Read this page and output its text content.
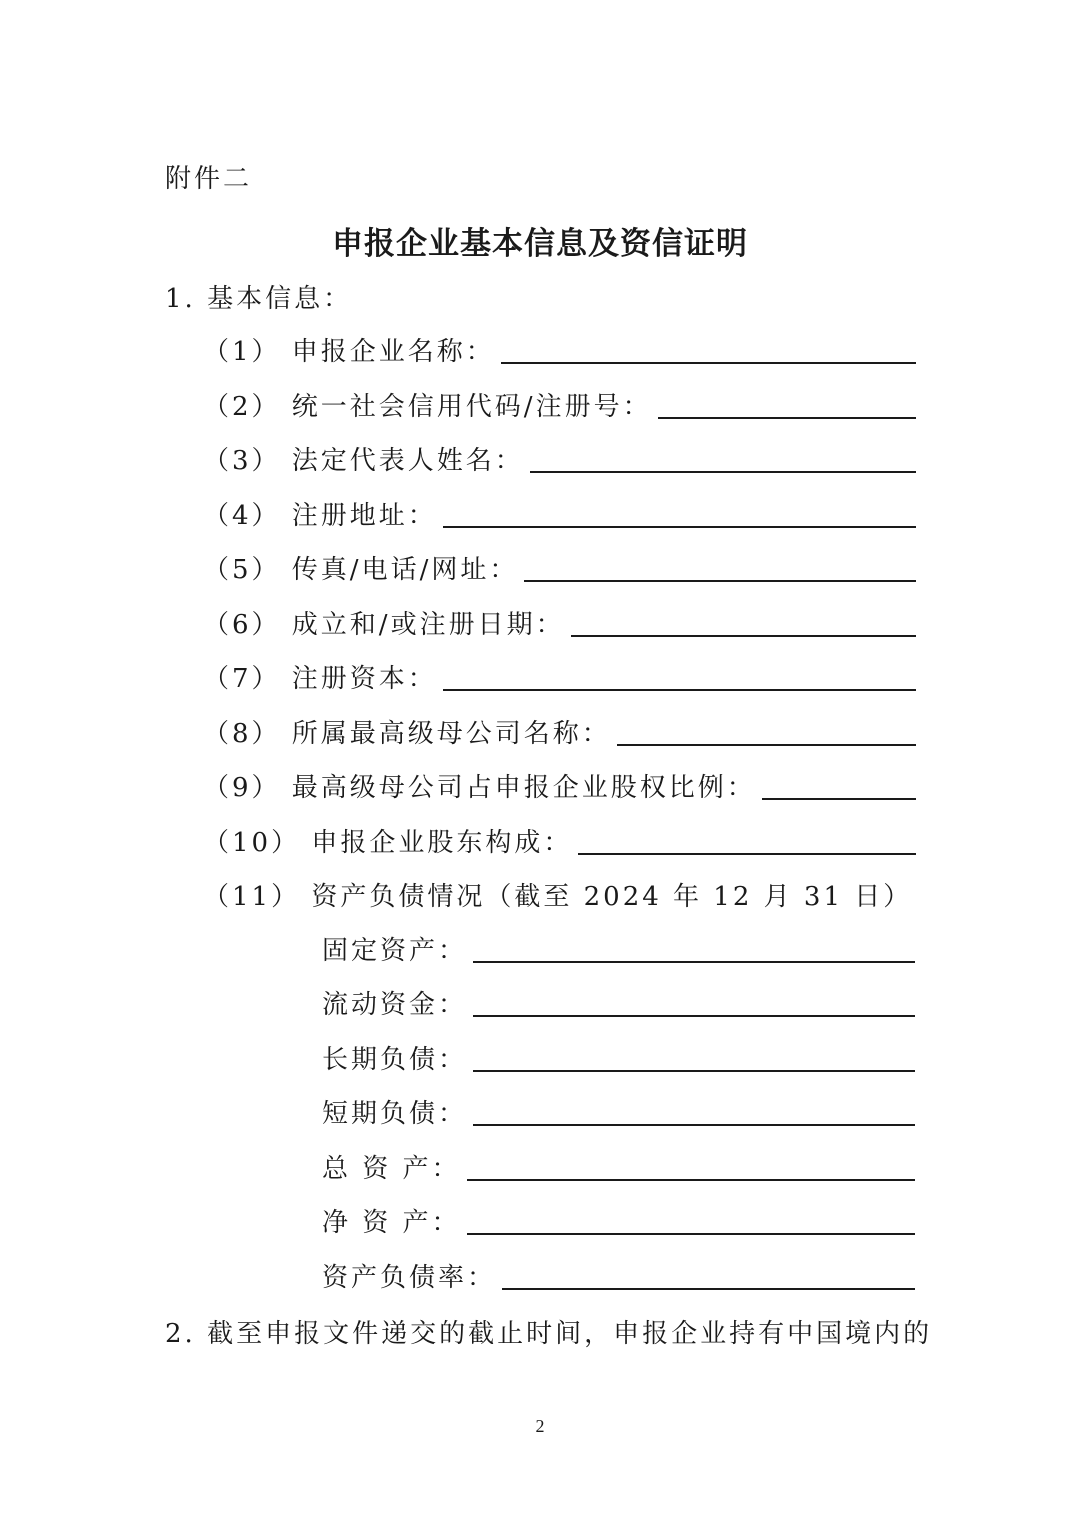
附件二
申报企业基本信息及资信证明
1. 基本信息：
（1） 申报企业名称：
（2） 统一社会信用代码/注册号：
（3） 法定代表人姓名：
（4） 注册地址：
（5） 传真/电话/网址：
（6） 成立和/或注册日期：
（7） 注册资本：
（8） 所属最高级母公司名称：
（9） 最高级母公司占申报企业股权比例：
（10） 申报企业股东构成：
（11） 资产负债情况（截至 2024 年 12 月 31 日）
固定资产：
流动资金：
长期负债：
短期负债：
总 资 产：
净 资 产：
资产负债率：
2. 截至申报文件递交的截止时间，申报企业持有中国境内的
2
